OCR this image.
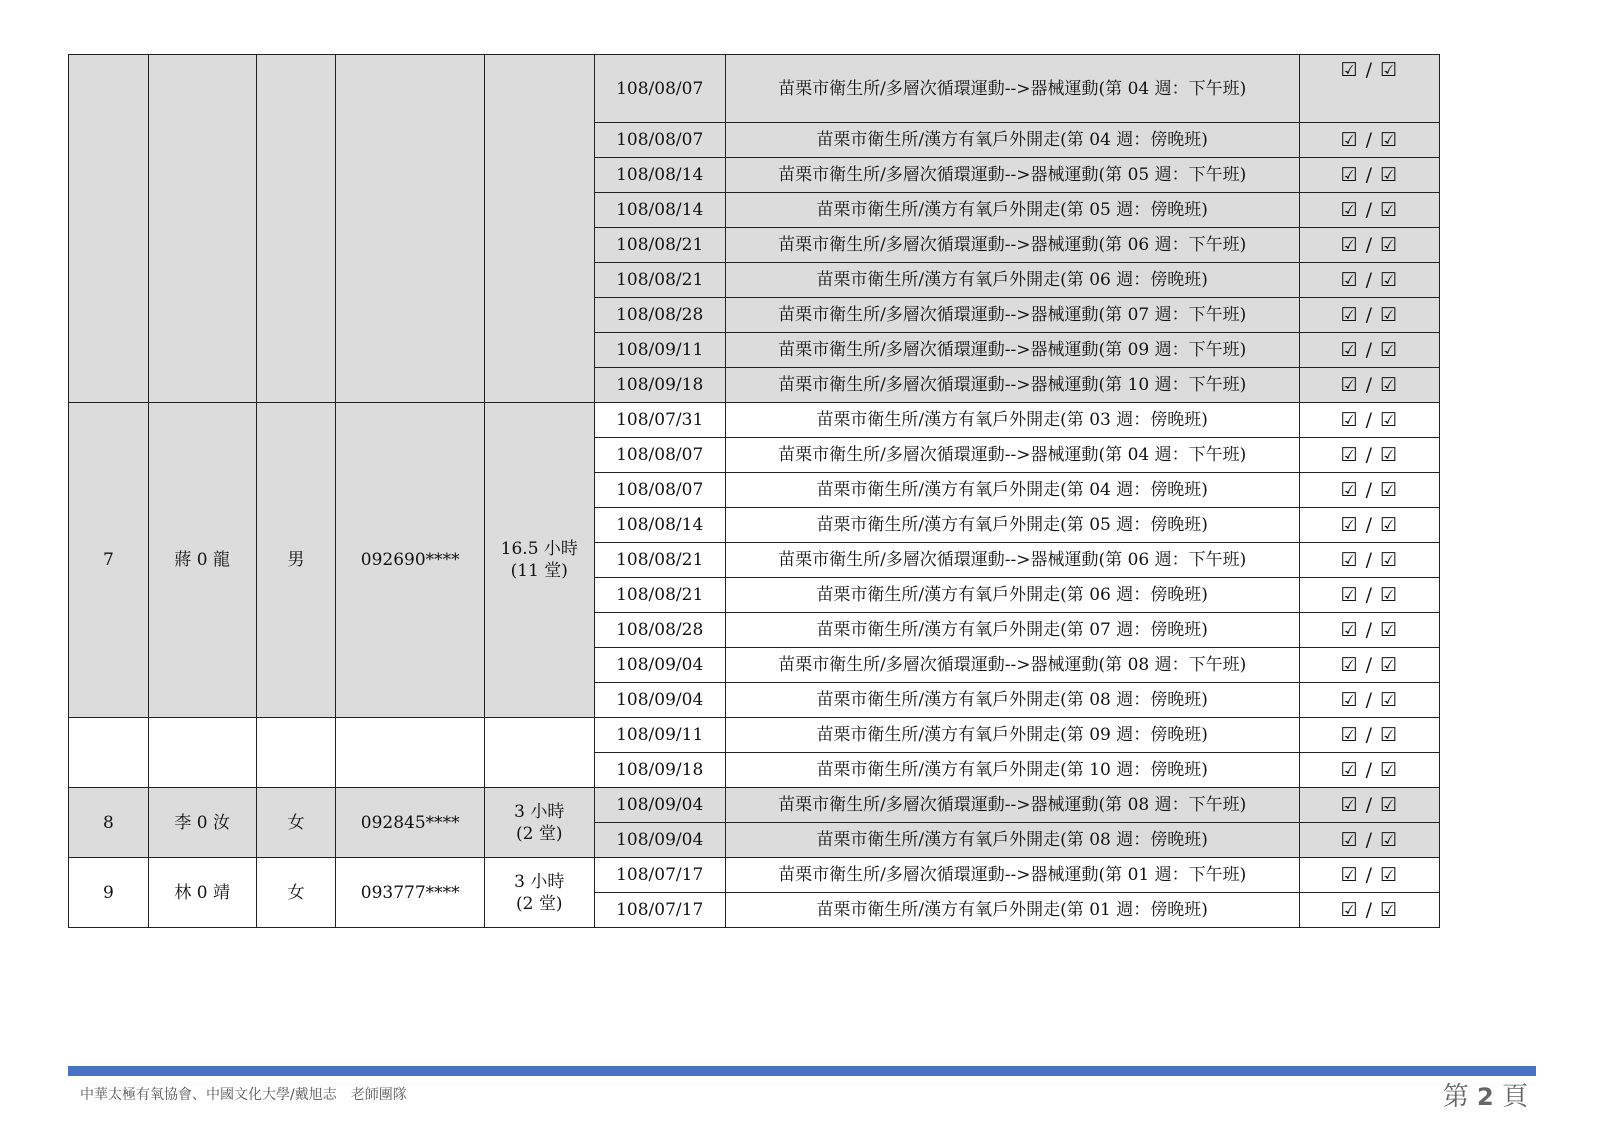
					108/08/07	苗栗市衛生所/多層次循環運動-->器械運動(第 04 週：下午班)	☑ / ☑
					108/08/07	苗栗市衛生所/漢方有氧戶外開走(第 04 週：傍晚班)	☑ / ☑
					108/08/14	苗栗市衛生所/多層次循環運動-->器械運動(第 05 週：下午班)	☑ / ☑
					108/08/14	苗栗市衛生所/漢方有氧戶外開走(第 05 週：傍晚班)	☑ / ☑
					108/08/21	苗栗市衛生所/多層次循環運動-->器械運動(第 06 週：下午班)	☑ / ☑
					108/08/21	苗栗市衛生所/漢方有氧戶外開走(第 06 週：傍晚班)	☑ / ☑
					108/08/28	苗栗市衛生所/多層次循環運動-->器械運動(第 07 週：下午班)	☑ / ☑
					108/09/11	苗栗市衛生所/多層次循環運動-->器械運動(第 09 週：下午班)	☑ / ☑
					108/09/18	苗栗市衛生所/多層次循環運動-->器械運動(第 10 週：下午班)	☑ / ☑
7	蔣 0 龍	男	092690****	16.5 小時
(11 堂)	108/07/31	苗栗市衛生所/漢方有氧戶外開走(第 03 週：傍晚班)	☑ / ☑
					108/08/07	苗栗市衛生所/多層次循環運動-->器械運動(第 04 週：下午班)	☑ / ☑
					108/08/07	苗栗市衛生所/漢方有氧戶外開走(第 04 週：傍晚班)	☑ / ☑
					108/08/14	苗栗市衛生所/漢方有氧戶外開走(第 05 週：傍晚班)	☑ / ☑
					108/08/21	苗栗市衛生所/多層次循環運動-->器械運動(第 06 週：下午班)	☑ / ☑
					108/08/21	苗栗市衛生所/漢方有氧戶外開走(第 06 週：傍晚班)	☑ / ☑
					108/08/28	苗栗市衛生所/漢方有氧戶外開走(第 07 週：傍晚班)	☑ / ☑
					108/09/04	苗栗市衛生所/多層次循環運動-->器械運動(第 08 週：下午班)	☑ / ☑
					108/09/04	苗栗市衛生所/漢方有氧戶外開走(第 08 週：傍晚班)	☑ / ☑
					108/09/11	苗栗市衛生所/漢方有氧戶外開走(第 09 週：傍晚班)	☑ / ☑
					108/09/18	苗栗市衛生所/漢方有氧戶外開走(第 10 週：傍晚班)	☑ / ☑
8	李 0 汝	女	092845****	3 小時
(2 堂)	108/09/04	苗栗市衛生所/多層次循環運動-->器械運動(第 08 週：下午班)	☑ / ☑
					108/09/04	苗栗市衛生所/漢方有氧戶外開走(第 08 週：傍晚班)	☑ / ☑
9	林 0 靖	女	093777****	3 小時
(2 堂)	108/07/17	苗栗市衛生所/多層次循環運動-->器械運動(第 01 週：下午班)	☑ / ☑
					108/07/17	苗栗市衛生所/漢方有氧戶外開走(第 01 週：傍晚班)	☑ / ☑
中華太極有氧協會、中國文化大學/戴旭志　老師團隊	第 2 頁
